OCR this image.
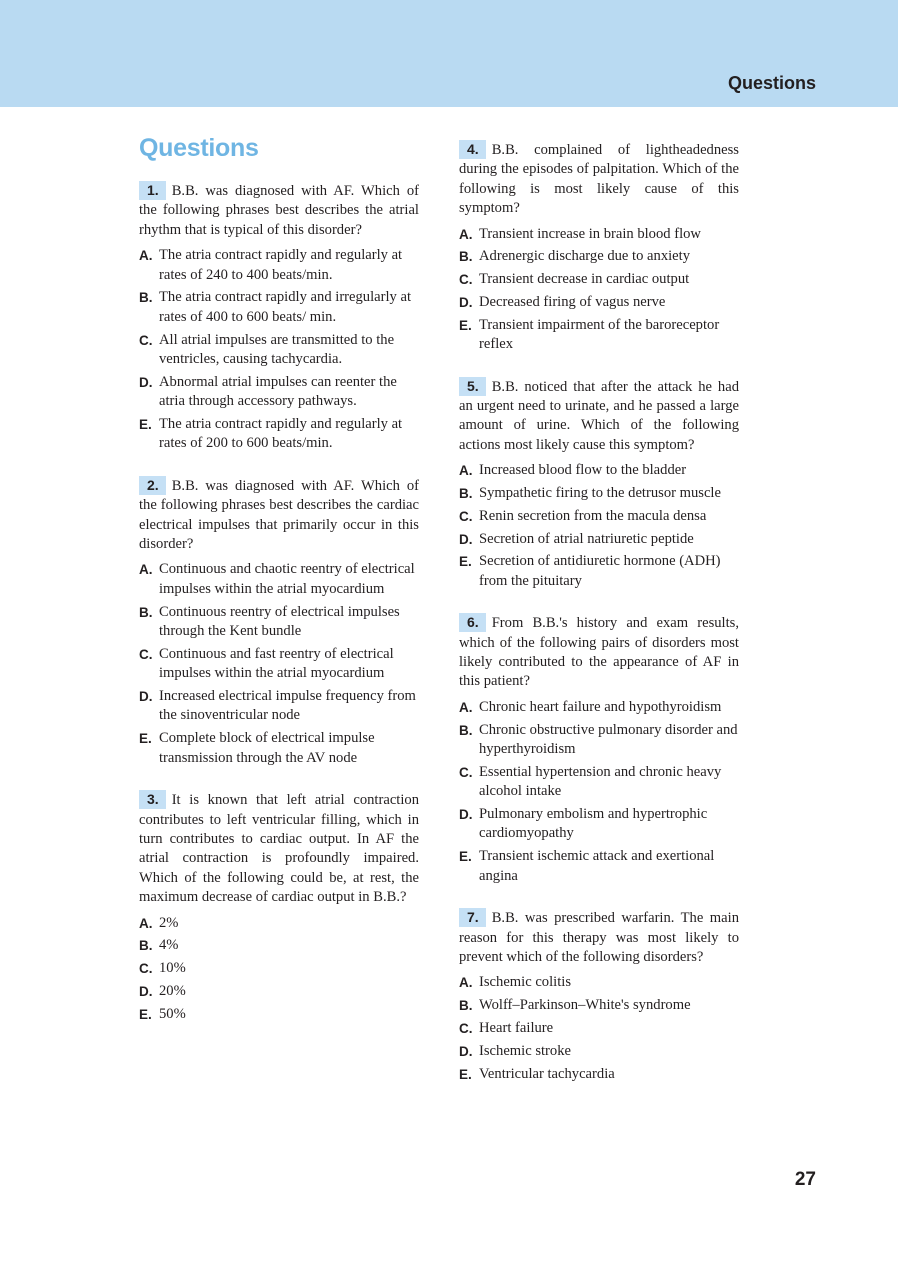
Questions
Questions

1. B.B. was diagnosed with AF. Which of the following phrases best describes the atrial rhythm that is typical of this disorder?

A. The atria contract rapidly and regularly at rates of 240 to 400 beats/min.
B. The atria contract rapidly and irregularly at rates of 400 to 600 beats/ min.
C. All atrial impulses are transmitted to the ventricles, causing tachycardia.
D. Abnormal atrial impulses can reenter the atria through accessory pathways.
E. The atria contract rapidly and regularly at rates of 200 to 600 beats/min.

2. B.B. was diagnosed with AF. Which of the following phrases best describes the cardiac electrical impulses that primarily occur in this disorder?

A. Continuous and chaotic reentry of electrical impulses within the atrial myocardium
B. Continuous reentry of electrical impulses through the Kent bundle
C. Continuous and fast reentry of electrical impulses within the atrial myocardium
D. Increased electrical impulse frequency from the sinoventricular node
E. Complete block of electrical impulse transmission through the AV node

3. It is known that left atrial contraction contributes to left ventricular filling, which in turn contributes to cardiac output. In AF the atrial contraction is profoundly impaired. Which of the following could be, at rest, the maximum decrease of cardiac output in B.B.?

A. 2%
B. 4%
C. 10%
D. 20%
E. 50%

4. B.B. complained of lightheadedness during the episodes of palpitation. Which of the following is most likely cause of this symptom?

A. Transient increase in brain blood flow
B. Adrenergic discharge due to anxiety
C. Transient decrease in cardiac output
D. Decreased firing of vagus nerve
E. Transient impairment of the baroreceptor reflex

5. B.B. noticed that after the attack he had an urgent need to urinate, and he passed a large amount of urine. Which of the following actions most likely cause this symptom?

A. Increased blood flow to the bladder
B. Sympathetic firing to the detrusor muscle
C. Renin secretion from the macula densa
D. Secretion of atrial natriuretic peptide
E. Secretion of antidiuretic hormone (ADH) from the pituitary

6. From B.B.'s history and exam results, which of the following pairs of disorders most likely contributed to the appearance of AF in this patient?

A. Chronic heart failure and hypothyroidism
B. Chronic obstructive pulmonary disorder and hyperthyroidism
C. Essential hypertension and chronic heavy alcohol intake
D. Pulmonary embolism and hypertrophic cardiomyopathy
E. Transient ischemic attack and exertional angina

7. B.B. was prescribed warfarin. The main reason for this therapy was most likely to prevent which of the following disorders?

A. Ischemic colitis
B. Wolff–Parkinson–White's syndrome
C. Heart failure
D. Ischemic stroke
E. Ventricular tachycardia
27
